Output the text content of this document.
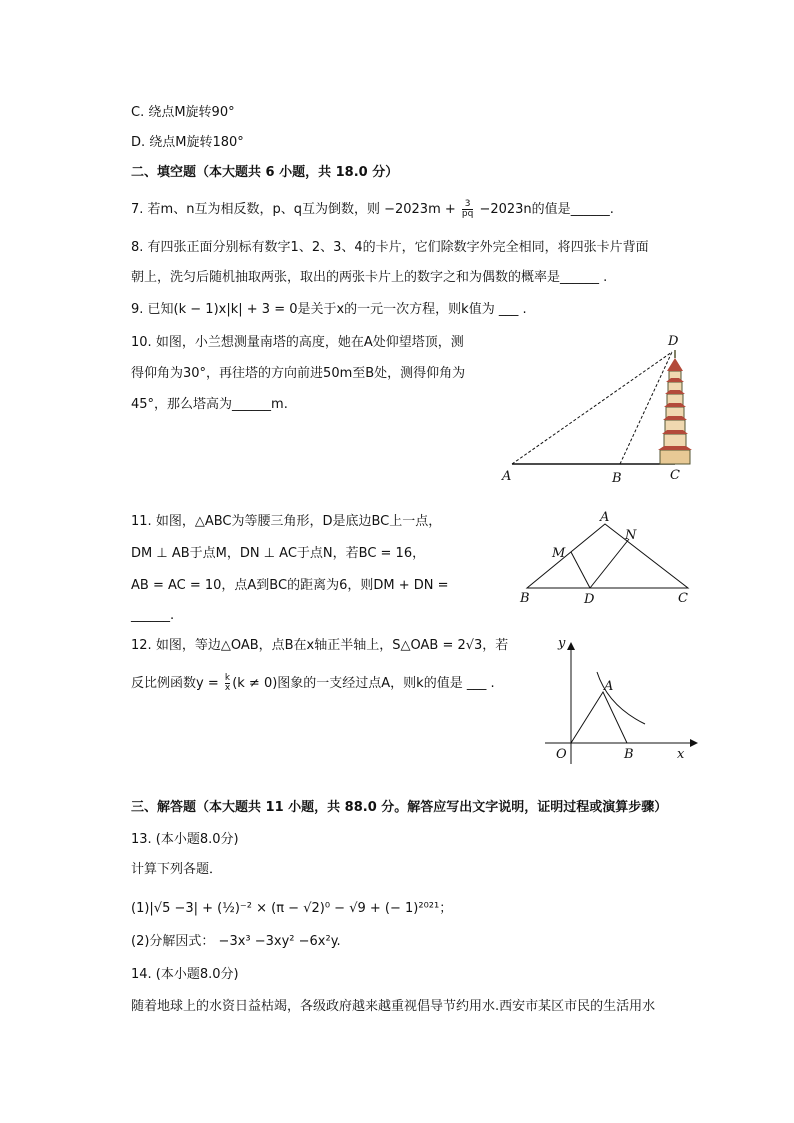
C. 绕点M旋转90°
D. 绕点M旋转180°
二、填空题（本大题共 6 小题，共 18.0 分）
7. 若m、n互为相反数，p、q互为倒数，则 $-2023m + \frac{3}{pq} -2023n$的值是______.
8. 有四张正面分别标有数字1、2、3、4的卡片，它们除数字外完全相同，将四张卡片背面
朝上，洗匀后随机抽取两张，取出的两张卡片上的数字之和为偶数的概率是______ .
9. 已知(k − 1)x|k| + 3 = 0是关于x的一元一次方程，则k值为 ___ .
10. 如图，小兰想测量南塔的高度，她在A处仰望塔顶，测
得仰角为30°，再往塔的方向前进50m至B处，测得仰角为
45°，那么塔高为______m.
A	B	C
D
11. 如图，△ABC为等腰三角形，D是底边BC上一点，
DM ⊥ AB于点M，DN ⊥ AC于点N，若BC = 16，
AB = AC = 10，点A到BC的距离为6，则DM + DN =
______.
A
B	C
D
M
N
12. 如图，等边△OAB，点B在x轴正半轴上，S△OAB = 2√3，若
反比例函数$y = \frac{k}{x} (k \ne 0)$图象的一支经过点A，则k的值是 ___ .
y
x
O
A
B
三、解答题（本大题共 11 小题，共 88.0 分。解答应写出文字说明，证明过程或演算步骤）
13. (本小题8.0分)
计算下列各题．
(1)|√5 −3| + (½)⁻² × (π − √2)⁰ − √9 + (− 1)²⁰²¹；
(2)分解因式： −3x³ −3xy² −6x²y.
14. (本小题8.0分)
随着地球上的水资日益枯竭，各级政府越来越重视倡导节约用水.西安市某区市民的生活用水
